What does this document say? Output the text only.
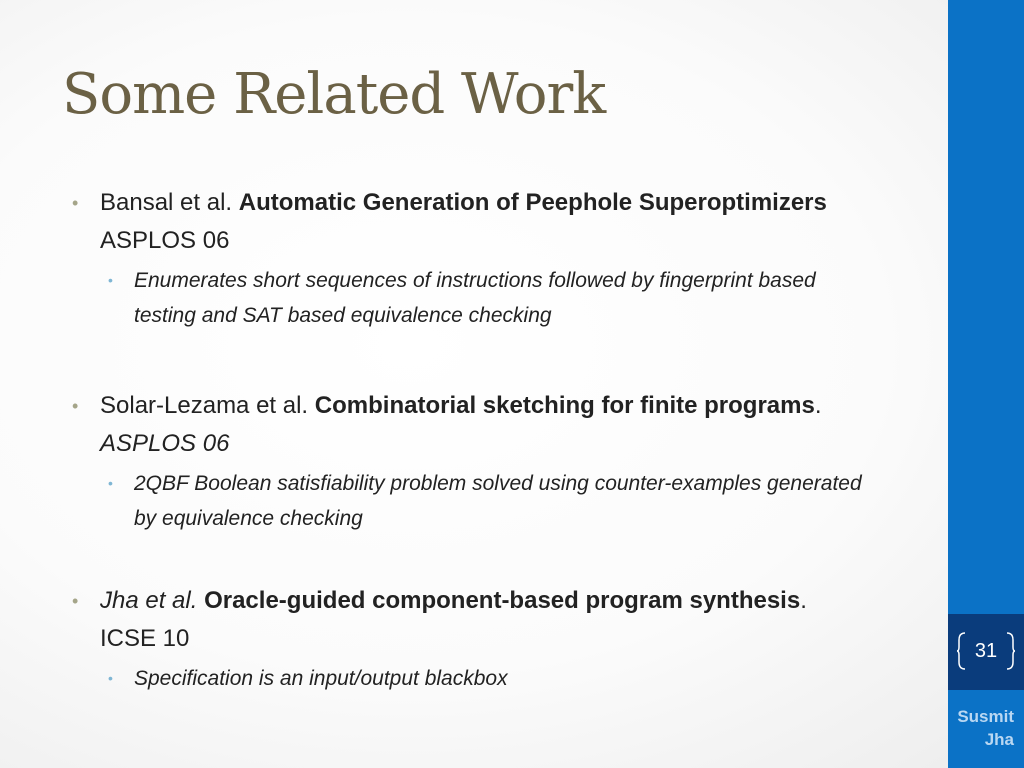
Some Related Work
• Bansal et al. Automatic Generation of Peephole Superoptimizers ASPLOS 06
• Enumerates short sequences of instructions followed by fingerprint based testing and SAT based equivalence checking
• Solar-Lezama et al. Combinatorial sketching for finite programs. ASPLOS 06
• 2QBF Boolean satisfiability problem solved using counter-examples generated by equivalence checking
• Jha et al. Oracle-guided component-based program synthesis. ICSE 10
• Specification is an input/output blackbox
31
Susmit
Jha
